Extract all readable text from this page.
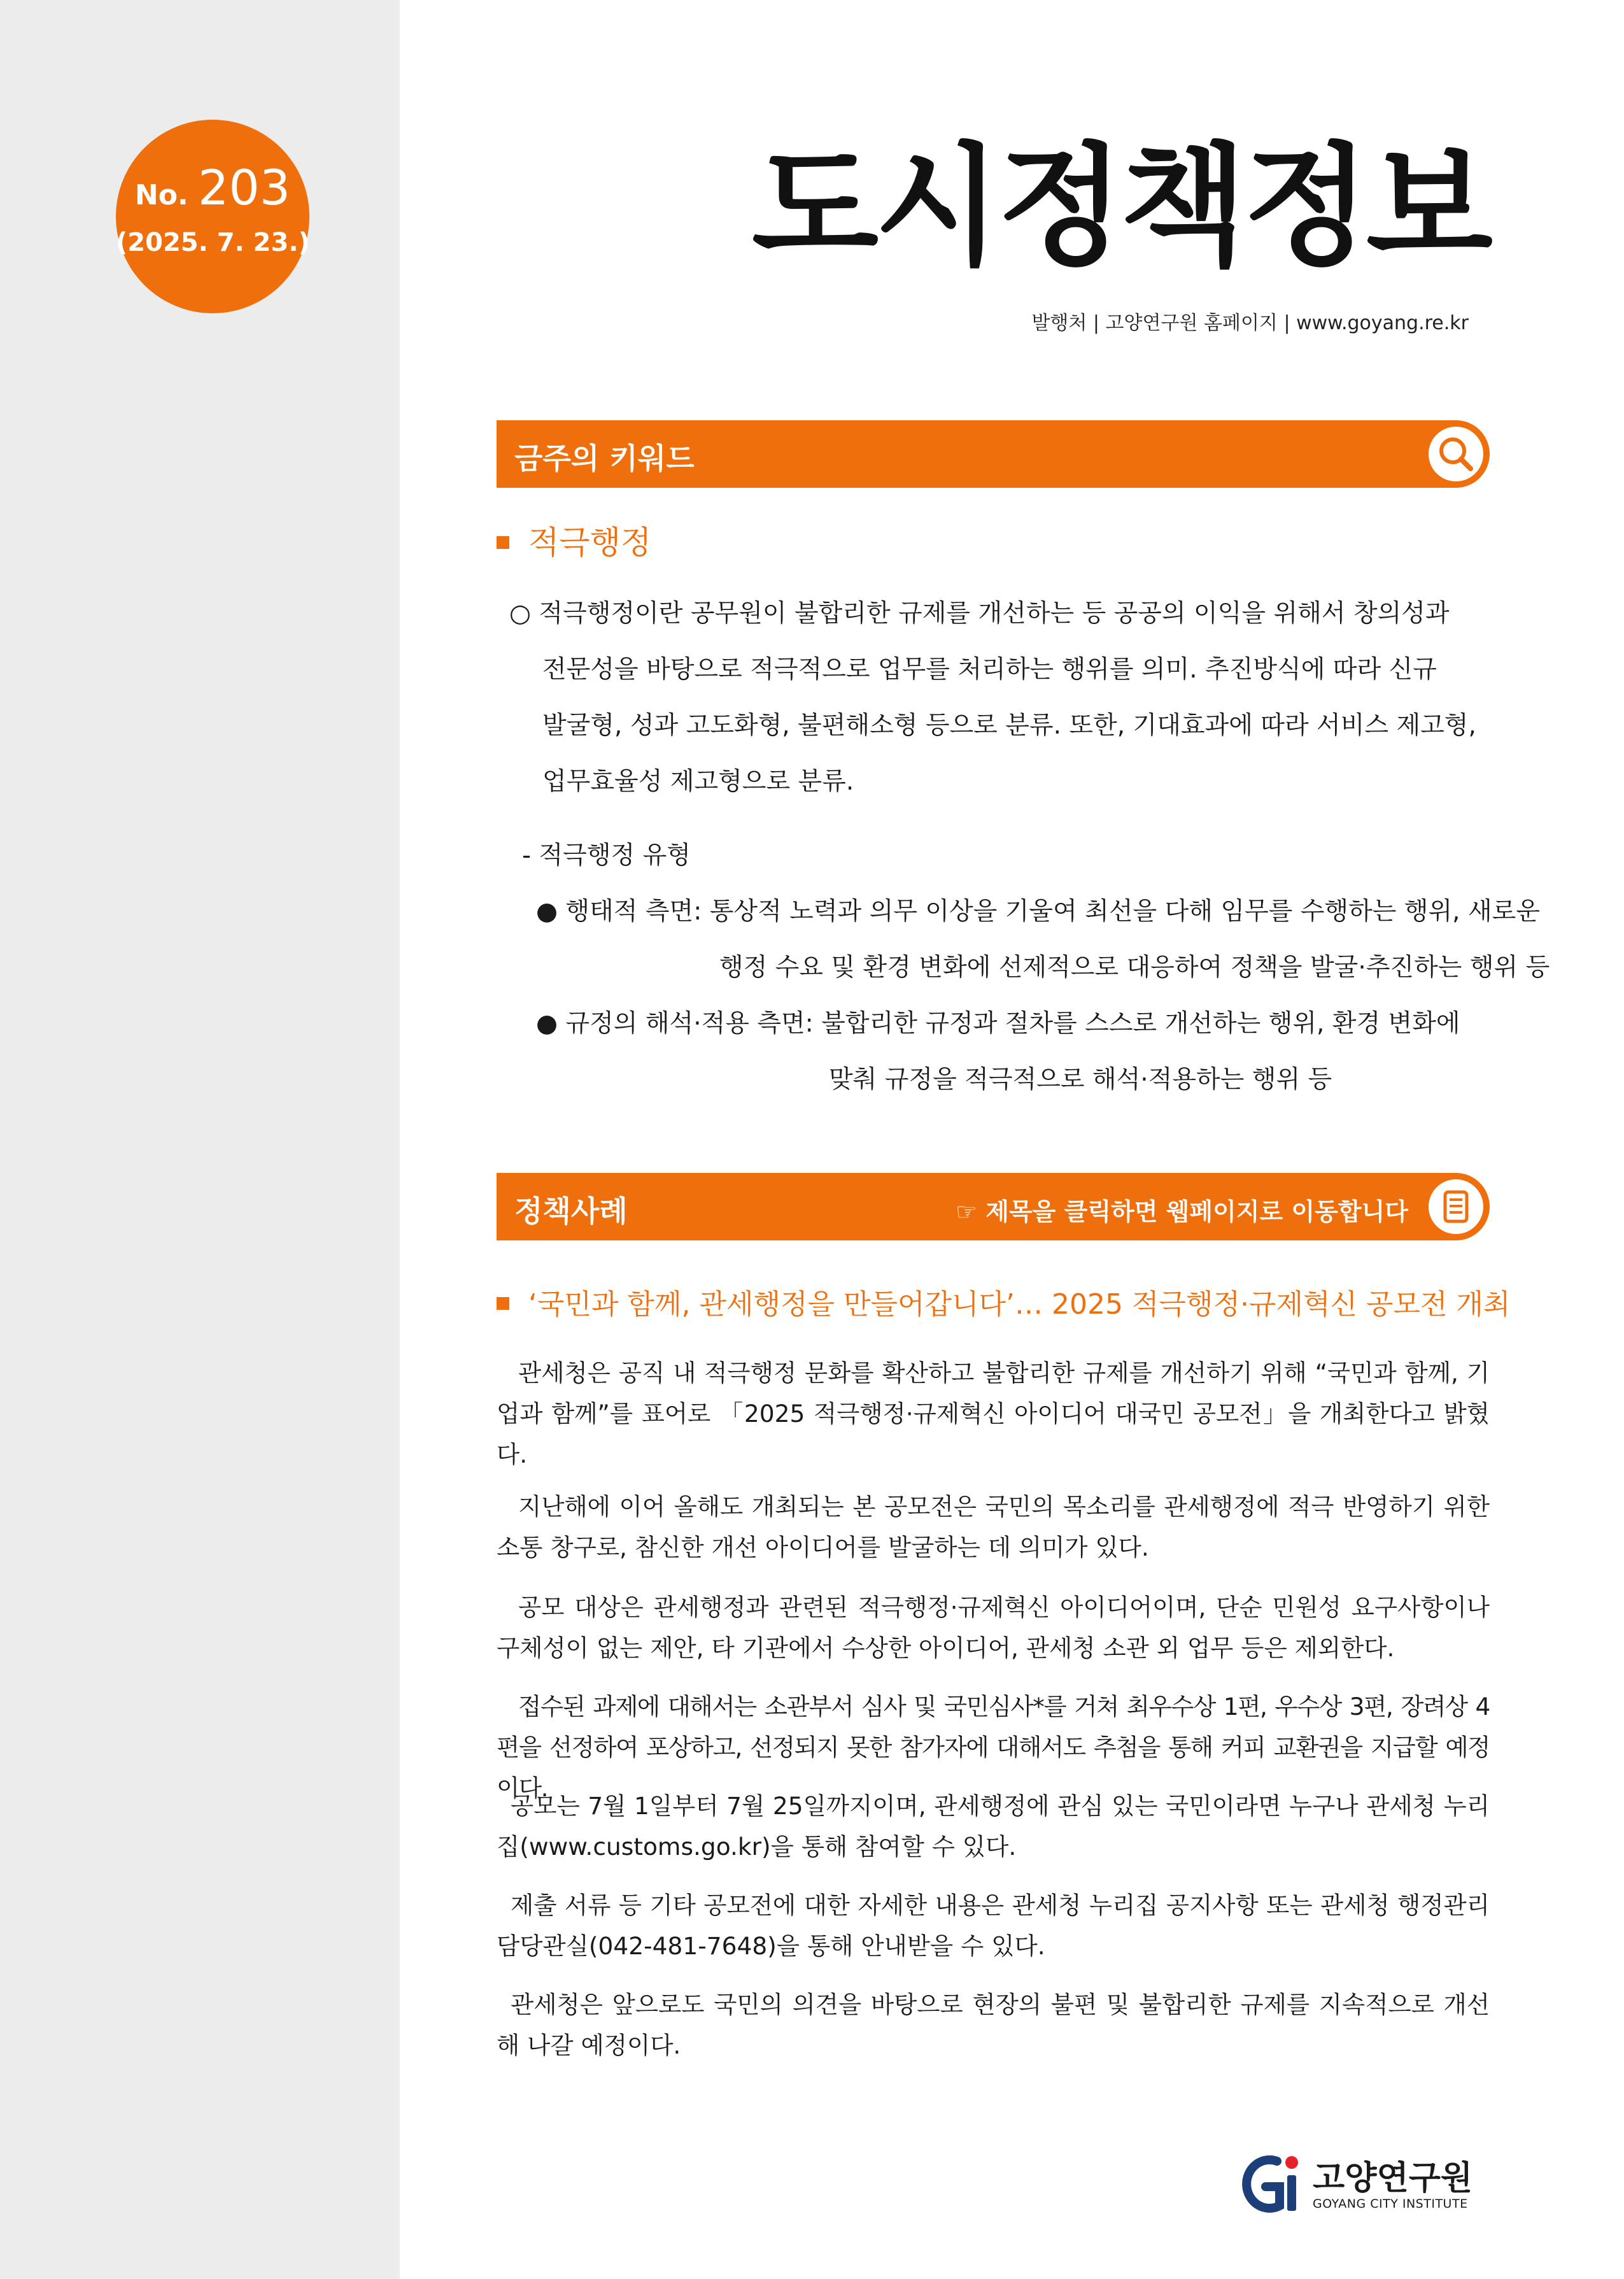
No. 203
(2025. 7. 23.)	도시정책정보
발행처 | 고양연구원 홈페이지 | www.goyang.re.kr
금주의 키워드
적극행정
○ 적극행정이란 공무원이 불합리한 규제를 개선하는 등 공공의 이익을 위해서 창의성과
전문성을 바탕으로 적극적으로 업무를 처리하는 행위를 의미. 추진방식에 따라 신규
발굴형, 성과 고도화형, 불편해소형 등으로 분류. 또한, 기대효과에 따라 서비스 제고형,
업무효율성 제고형으로 분류.
- 적극행정 유형
● 행태적 측면: 통상적 노력과 의무 이상을 기울여 최선을 다해 임무를 수행하는 행위, 새로운
행정 수요 및 환경 변화에 선제적으로 대응하여 정책을 발굴·추진하는 행위 등
● 규정의 해석·적용 측면: 불합리한 규정과 절차를 스스로 개선하는 행위, 환경 변화에
맞춰 규정을 적극적으로 해석·적용하는 행위 등
정책사례	☞ 제목을 클릭하면 웹페이지로 이동합니다
‘국민과 함께, 관세행정을 만들어갑니다’… 2025 적극행정·규제혁신 공모전 개최
관세청은 공직 내 적극행정 문화를 확산하고 불합리한 규제를 개선하기 위해 “국민과 함께, 기업과 함께”를 표어로 「2025 적극행정·규제혁신 아이디어 대국민 공모전」을 개최한다고 밝혔다.
지난해에 이어 올해도 개최되는 본 공모전은 국민의 목소리를 관세행정에 적극 반영하기 위한 소통 창구로, 참신한 개선 아이디어를 발굴하는 데 의미가 있다.
공모 대상은 관세행정과 관련된 적극행정·규제혁신 아이디어이며, 단순 민원성 요구사항이나 구체성이 없는 제안, 타 기관에서 수상한 아이디어, 관세청 소관 외 업무 등은 제외한다.
접수된 과제에 대해서는 소관부서 심사 및 국민심사*를 거쳐 최우수상 1편, 우수상 3편, 장려상 4편을 선정하여 포상하고, 선정되지 못한 참가자에 대해서도 추첨을 통해 커피 교환권을 지급할 예정이다.
공모는 7월 1일부터 7월 25일까지이며, 관세행정에 관심 있는 국민이라면 누구나 관세청 누리집(www.customs.go.kr)을 통해 참여할 수 있다.
제출 서류 등 기타 공모전에 대한 자세한 내용은 관세청 누리집 공지사항 또는 관세청 행정관리담당관실(042-481-7648)을 통해 안내받을 수 있다.
관세청은 앞으로도 국민의 의견을 바탕으로 현장의 불편 및 불합리한 규제를 지속적으로 개선해 나갈 예정이다.
고양연구원
GOYANG CITY INSTITUTE
